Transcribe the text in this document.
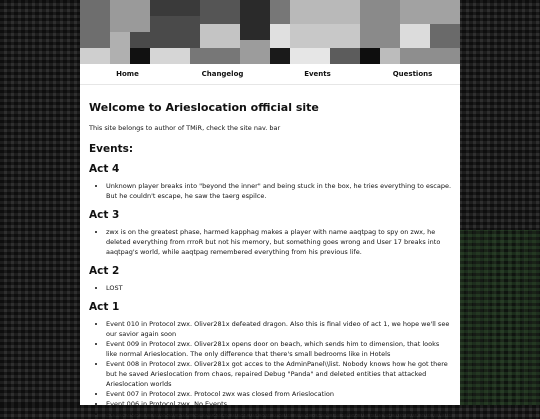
Home	Changelog	Events	Questions
Welcome to Arieslocation official site

This site belongs to author of TMiR, check the site nav. bar

Events:
Act 4
• Unknown player breaks into "beyond the inner" and being stuck in the box, he tries everything to escape. But he couldn't escape, he saw the taerg espilce.
Act 3
• zwx is on the greatest phase, harmed kapphag makes a player with name aaqtpag to spy on zwx, he deleted everything from rrroR but not his memory, but something goes wrong and User 17 breaks into aaqtpag's world, while aaqtpag remembered everything from his previous life.
Act 2
• LOST
Act 1
• Event 010 in Protocol zwx. Oliver281x defeated dragon. Also this is final video of act 1, we hope we'll see our savior again soon
• Event 009 in Protocol zwx. Oliver281x opens door on beach, which sends him to dimension, that looks like normal Arieslocation. The only difference that there's small bedrooms like in Hotels
• Event 008 in Protocol zwx. Oliver281x got acces to the AdminPanel\\list. Nobody knows how he got there but he saved Arieslocation from chaos, repaired Debug "Panda" and deleted entities that attacked Arieslocation worlds
• Event 007 in Protocol zwx. Protocol zwx was closed from Arieslocation
• Event 006 in Protocol zwx. No Events
• Event 005 in Protocol zwx. Oliver281x finds his old world "finki". Like he said, he played with his old friend
